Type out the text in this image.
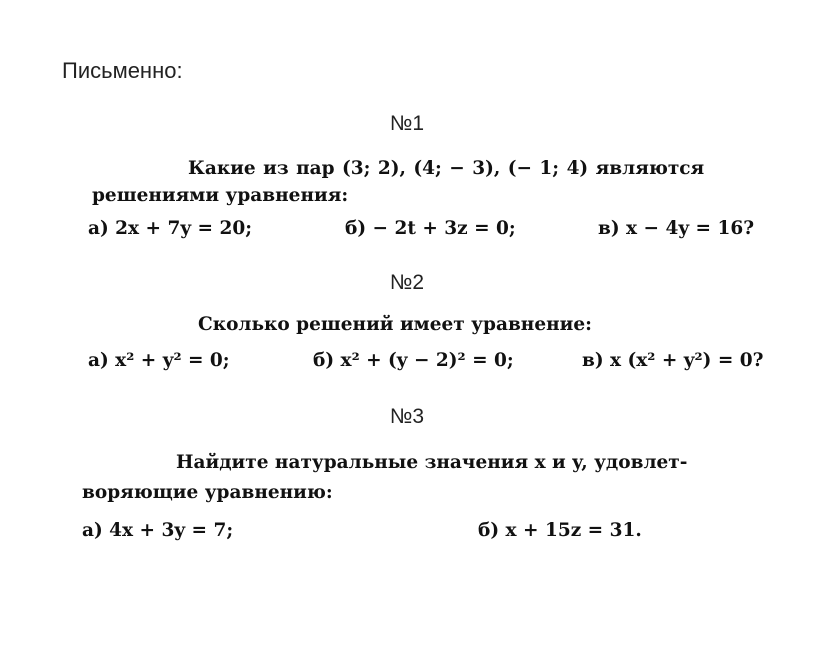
Письменно:
№1
Какие из пар (3; 2), (4; − 3), (− 1; 4) являются
решениями уравнения:
а) 2x + 7y = 20;	б) − 2t + 3z = 0;	в) x − 4y = 16?
№2
Сколько решений имеет уравнение:
а) x² + y² = 0;	б) x² + (y − 2)² = 0;	в) x (x² + y²) = 0?
№3
Найдите натуральные значения x и y, удовлет-
воряющие уравнению:
а) 4x + 3y = 7;	б) x + 15z = 31.
